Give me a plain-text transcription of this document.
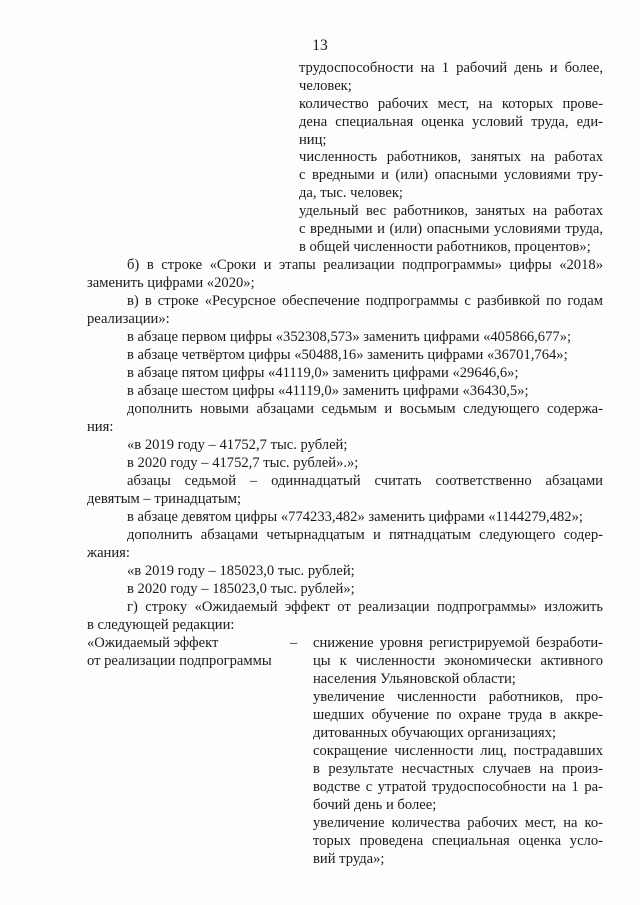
13
трудоспособности на 1 рабочий день и более,
человек;
количество рабочих мест, на которых прове-
дена специальная оценка условий труда, еди-
ниц;
численность работников, занятых на работах
с вредными и (или) опасными условиями тру-
да, тыс. человек;
удельный вес работников, занятых на работах
с вредными и (или) опасными условиями труда,
в общей численности работников, процентов»;
б) в строке «Сроки и этапы реализации подпрограммы» цифры «2018»
заменить цифрами «2020»;
в) в строке «Ресурсное обеспечение подпрограммы с разбивкой по годам
реализации»:
в абзаце первом цифры «352308,573» заменить цифрами «405866,677»;
в абзаце четвёртом цифры «50488,16» заменить цифрами «36701,764»;
в абзаце пятом цифры «41119,0» заменить цифрами «29646,6»;
в абзаце шестом цифры «41119,0» заменить цифрами «36430,5»;
дополнить новыми абзацами седьмым и восьмым следующего содержа-
ния:
«в 2019 году – 41752,7 тыс. рублей;
в 2020 году – 41752,7 тыс. рублей».»;
абзацы седьмой – одиннадцатый считать соответственно абзацами
девятым – тринадцатым;
в абзаце девятом цифры «774233,482» заменить цифрами «1144279,482»;
дополнить абзацами четырнадцатым и пятнадцатым следующего содер-
жания:
«в 2019 году – 185023,0 тыс. рублей;
в 2020 году – 185023,0 тыс. рублей»;
г) строку «Ожидаемый эффект от реализации подпрограммы» изложить
в следующей редакции:
«Ожидаемый эффект
от реализации подпрограммы
– снижение уровня регистрируемой безработи-
цы к численности экономически активного
населения Ульяновской области;
увеличение численности работников, про-
шедших обучение по охране труда в аккре-
дитованных обучающих организациях;
сокращение численности лиц, пострадавших
в результате несчастных случаев на произ-
водстве с утратой трудоспособности на 1 ра-
бочий день и более;
увеличение количества рабочих мест, на ко-
торых проведена специальная оценка усло-
вий труда»;
